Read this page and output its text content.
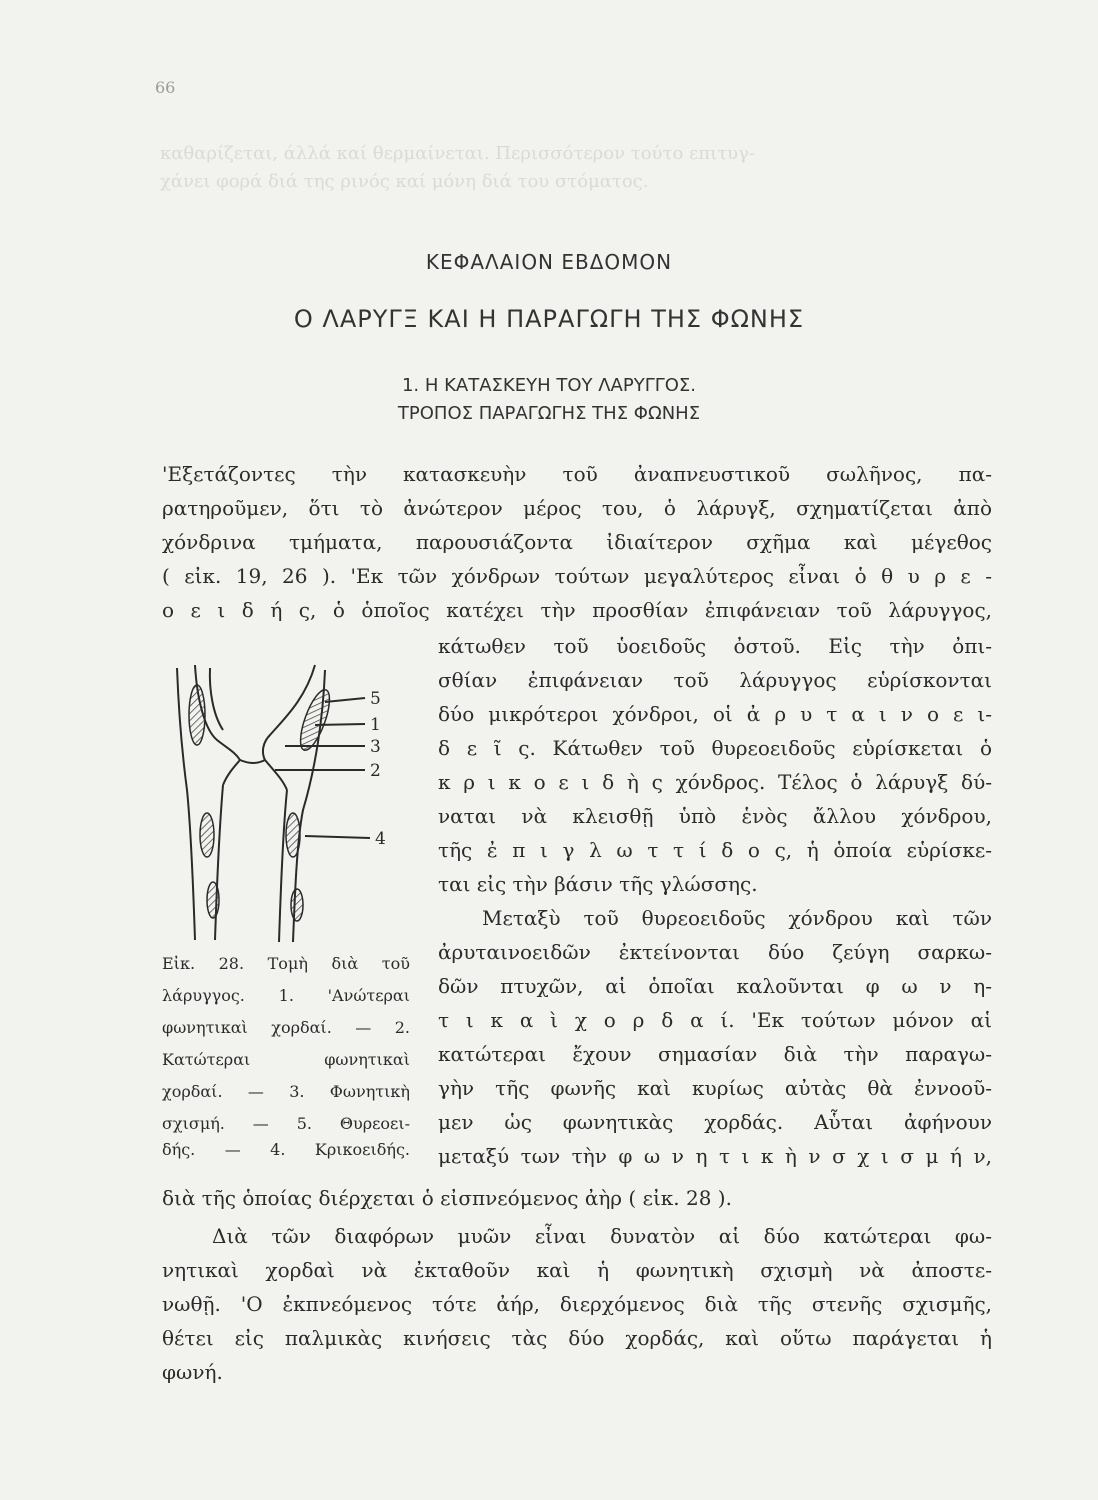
66
καθαρίζεται, άλλά καί θερμαίνεται. Περισσότερον τούτο επιτυγ-
χάνει φορά διά της ρινός καί μόνη διά του στόματος.
ΚΕΦΑΛΑΙΟΝ ΕΒΔΟΜΟΝ
Ο ΛΑΡΥΓΞ ΚΑΙ Η ΠΑΡΑΓΩΓΗ ΤΗΣ ΦΩΝΗΣ
1. Η ΚΑΤΑΣΚΕΥΗ ΤΟΥ ΛΑΡΥΓΓΟΣ.
ΤΡΟΠΟΣ ΠΑΡΑΓΩΓΗΣ ΤΗΣ ΦΩΝΗΣ
'Εξετάζοντες τὴν κατασκευὴν τοῦ ἀναπνευστικοῦ σωλῆνος, πα-
ρατηροῦμεν, ὅτι τὸ ἀνώτερον μέρος του, ὁ λάρυγξ, σχηματίζεται ἀπὸ
χόνδρινα τμήματα, παρουσιάζοντα ἰδιαίτερον σχῆμα καὶ μέγεθος
( εἰκ. 19, 26 ). 'Εκ τῶν χόνδρων τούτων μεγαλύτερος εἶναι ὁ θ υ ρ ε -
ο ε ι δ ή ς, ὁ ὁποῖος κατέχει τὴν προσθίαν ἐπιφάνειαν τοῦ λάρυγγος,
κάτωθεν τοῦ ὑοειδοῦς ὀστοῦ. Εἰς τὴν ὀπι-
σθίαν ἐπιφάνειαν τοῦ λάρυγγος εὑρίσκονται
δύο μικρότεροι χόνδροι, οἱ ἀ ρ υ τ α ι ν ο ε ι-
δ ε ῖ ς. Κάτωθεν τοῦ θυρεοειδοῦς εὑρίσκεται ὁ
κ ρ ι κ ο ε ι δ ὴ ς χόνδρος. Τέλος ὁ λάρυγξ δύ-
ναται νὰ κλεισθῇ ὑπὸ ἑνὸς ἄλλου χόνδρου,
τῆς ἐ π ι γ λ ω τ τ ί δ ο ς, ἡ ὁποία εὑρίσκε-
ται εἰς τὴν βάσιν τῆς γλώσσης.
Μεταξὺ τοῦ θυρεοειδοῦς χόνδρου καὶ τῶν
ἀρυταινοειδῶν ἐκτείνονται δύο ζεύγη σαρκω-
δῶν πτυχῶν, αἱ ὁποῖαι καλοῦνται φ ω ν η-
τ ι κ α ὶ χ ο ρ δ α ί. 'Εκ τούτων μόνον αἱ
κατώτεραι ἔχουν σημασίαν διὰ τὴν παραγω-
γὴν τῆς φωνῆς καὶ κυρίως αὐτὰς θὰ ἐννοοῦ-
μεν ὡς φωνητικὰς χορδάς. Αὗται ἀφήνουν
μεταξύ των τὴν φ ω ν η τ ι κ ὴ ν σ χ ι σ μ ή ν,
5
1
3
2
4
Εἰκ. 28. Τομὴ διὰ τοῦ
λάρυγγος. 1. 'Ανώτεραι
φωνητικαὶ χορδαί. — 2.
Κατώτεραι φωνητικαὶ
χορδαί. — 3. Φωνητικὴ
σχισμή. — 5. Θυρεοει-
δής. — 4. Κρικοειδής.
διὰ τῆς ὁποίας διέρχεται ὁ εἰσπνεόμενος ἀὴρ ( εἰκ. 28 ).
Διὰ τῶν διαφόρων μυῶν εἶναι δυνατὸν αἱ δύο κατώτεραι φω-
νητικαὶ χορδαὶ νὰ ἐκταθοῦν καὶ ἡ φωνητικὴ σχισμὴ νὰ ἀποστε-
νωθῇ. 'Ο ἐκπνεόμενος τότε ἀήρ, διερχόμενος διὰ τῆς στενῆς σχισμῆς,
θέτει εἰς παλμικὰς κινήσεις τὰς δύο χορδάς, καὶ οὕτω παράγεται ἡ
φωνή.
